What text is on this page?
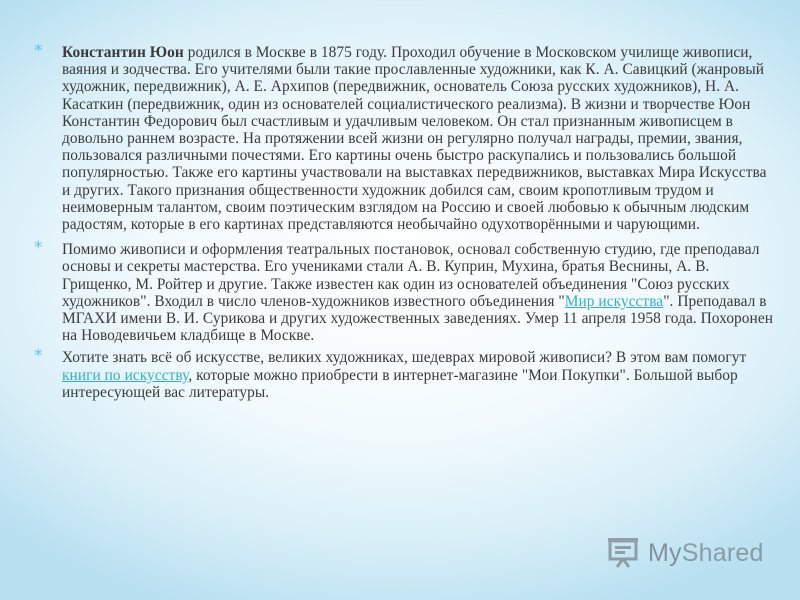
* Константин Юон родился в Москве в 1875 году. Проходил обучение в Московском училище живописи, ваяния и зодчества. Его учителями были такие прославленные художники, как К. А. Савицкий (жанровый художник, передвижник), А. Е. Архипов (передвижник, основатель Союза русских художников), Н. А. Касаткин (передвижник, один из основателей социалистического реализма). В жизни и творчестве Юон Константин Федорович был счастливым и удачливым человеком. Он стал признанным живописцем в довольно раннем возрасте. На протяжении всей жизни он регулярно получал награды, премии, звания, пользовался различными почестями. Его картины очень быстро раскупались и пользовались большой популярностью. Также его картины участвовали на выставках передвижников, выставках Мира Искусства и других. Такого признания общественности художник добился сам, своим кропотливым трудом и неимоверным талантом, своим поэтическим взглядом на Россию и своей любовью к обычным людским радостям, которые в его картинах представляются необычайно одухотворёнными и чарующими.

* Помимо живописи и оформления театральных постановок, основал собственную студию, где преподавал основы и секреты мастерства. Его учениками стали А. В. Куприн, Мухина, братья Веснины, А. В. Грищенко, М. Ройтер и другие. Также известен как один из основателей объединения "Союз русских художников". Входил в число членов-художников известного объединения "Мир искусства". Преподавал в МГАХИ имени В. И. Сурикова и других художественных заведениях. Умер 11 апреля 1958 года. Похоронен на Новодевичьем кладбище в Москве.

* Хотите знать всё об искусстве, великих художниках, шедеврах мировой живописи? В этом вам помогут книги по искусству, которые можно приобрести в интернет-магазине "Мои Покупки". Большой выбор интересующей вас литературы.

MyShared
